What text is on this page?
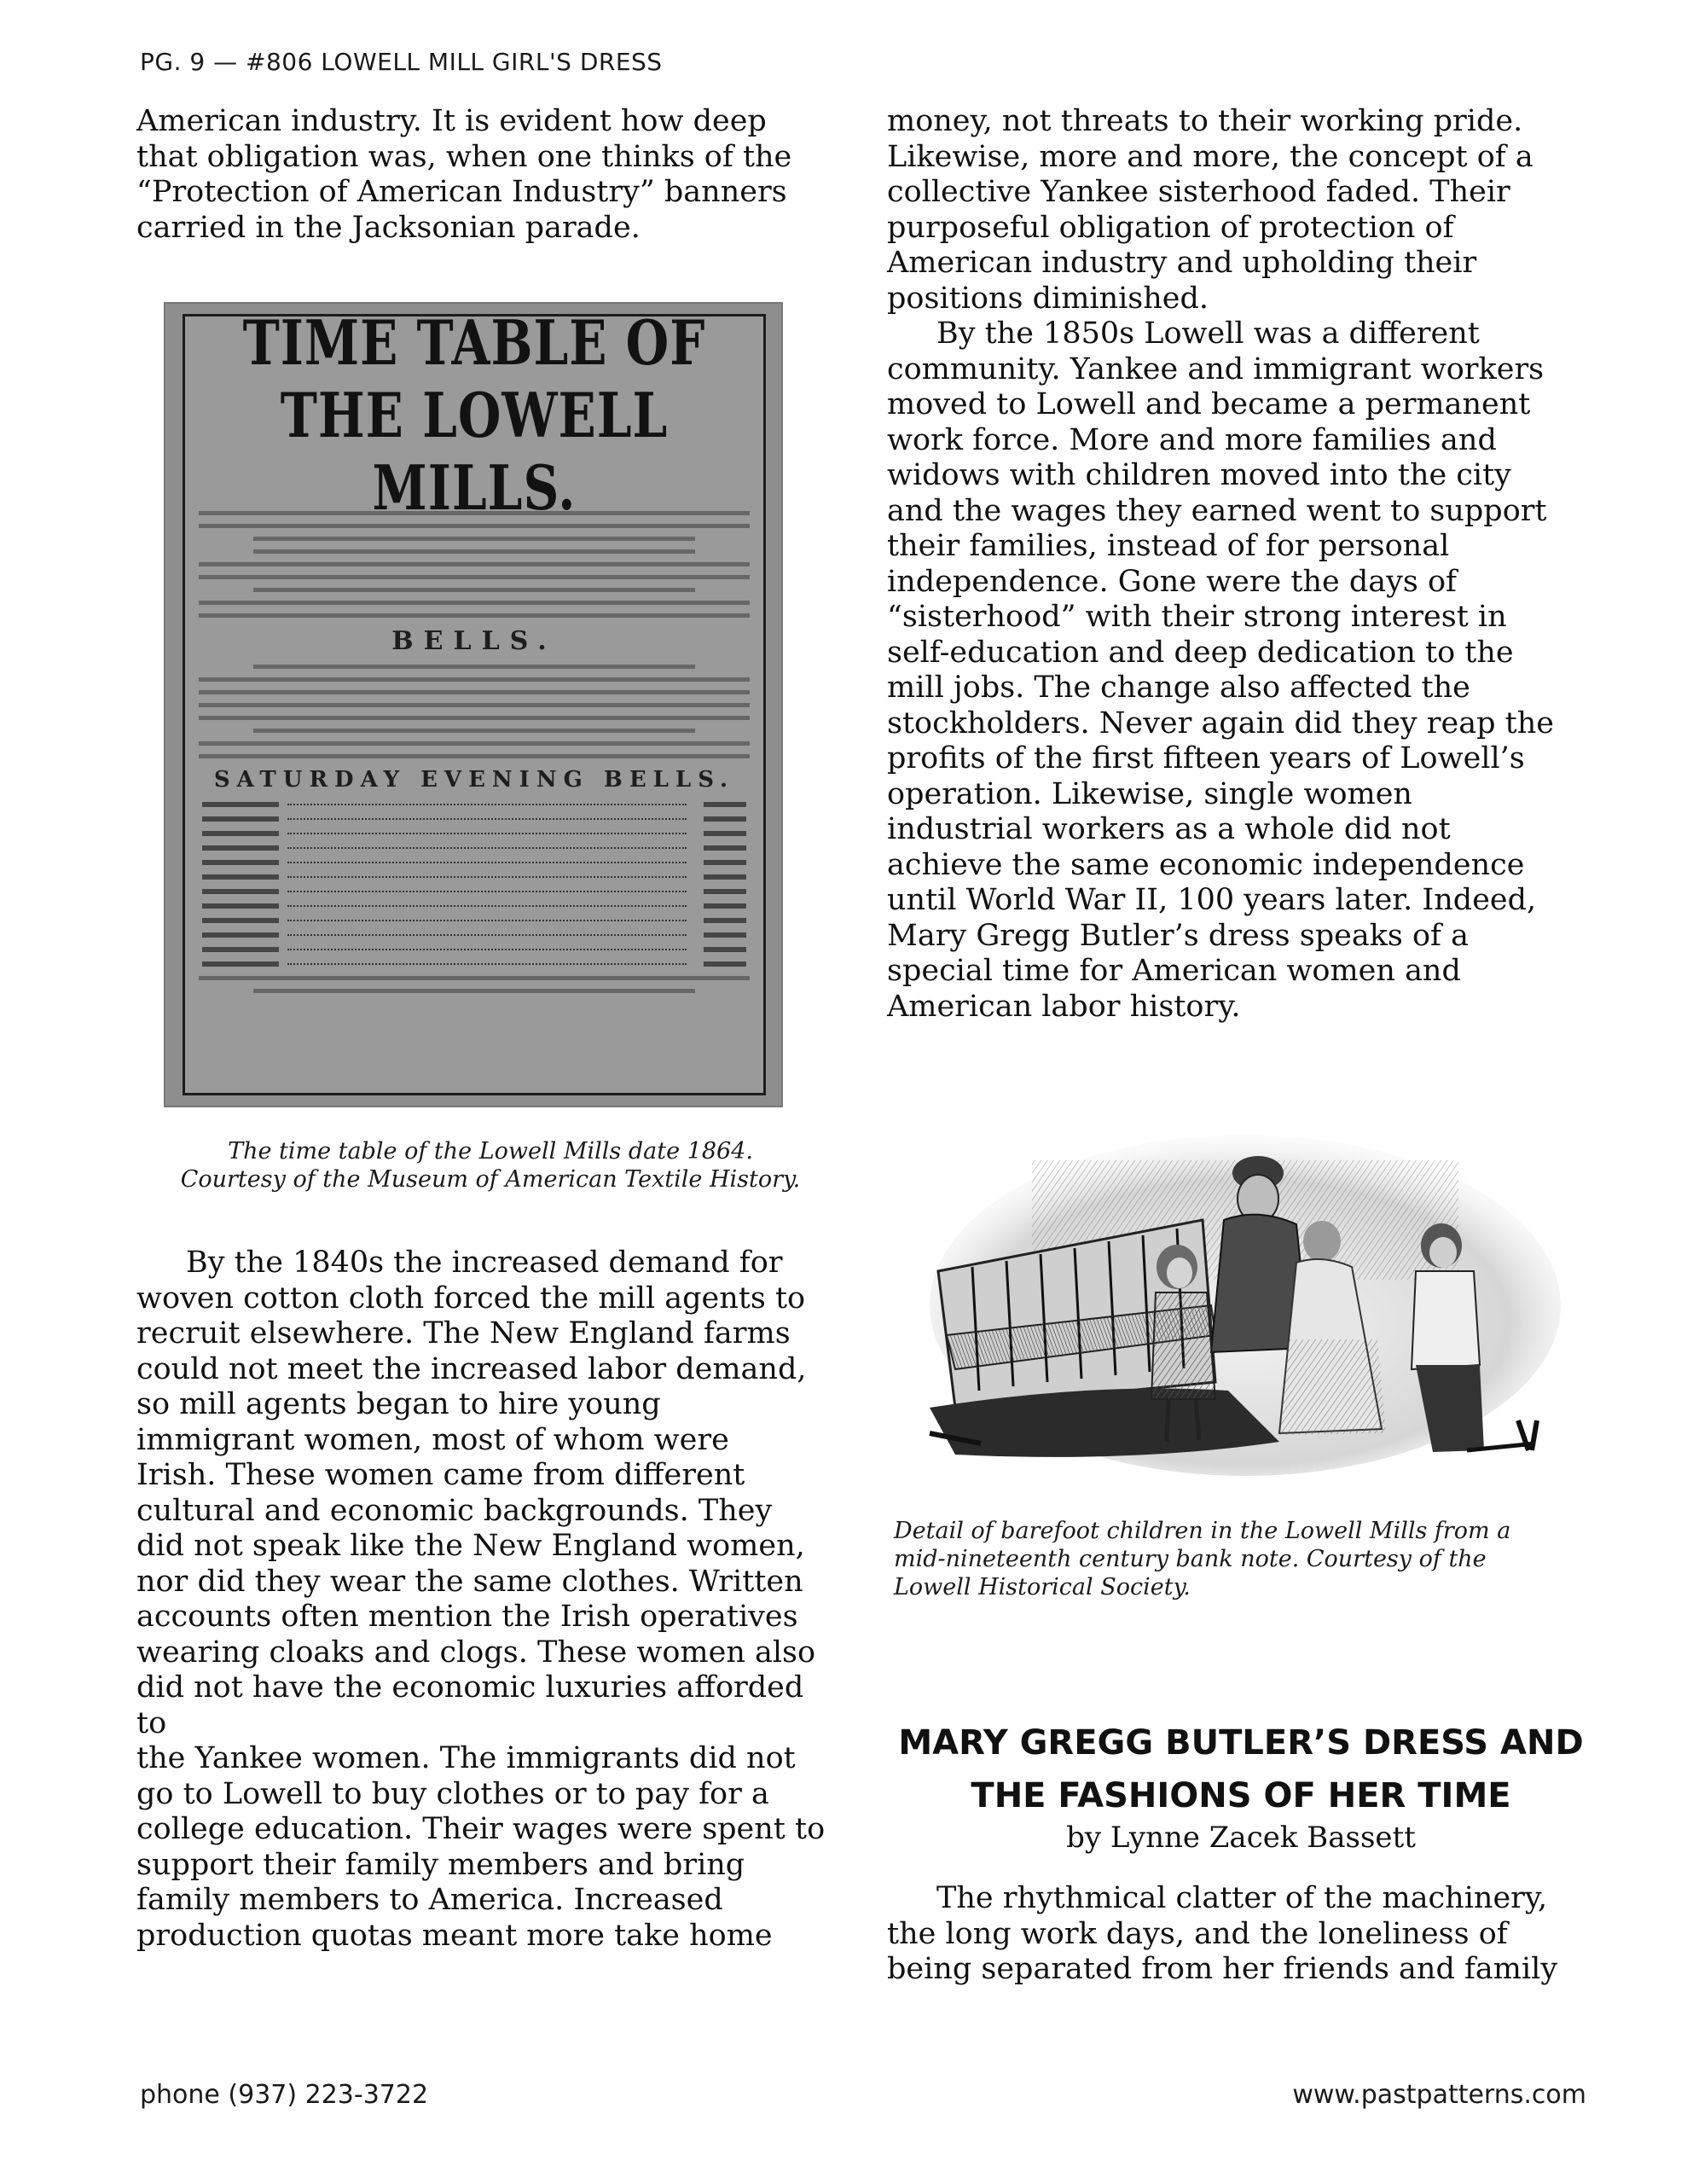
PG. 9 — #806 LOWELL MILL GIRL'S DRESS

American industry. It is evident how deep

that obligation was, when one thinks of the

“Protection of American Industry” banners

carried in the Jacksonian parade.

TIME TABLE OF THE LOWELL MILLS.
BELLS.
SATURDAY EVENING BELLS.
The time table of the Lowell Mills date 1864.
Courtesy of the Museum of American Textile History.

By the 1840s the increased demand for

woven cotton cloth forced the mill agents to

recruit elsewhere. The New England farms

could not meet the increased labor demand,

so mill agents began to hire young

immigrant women, most of whom were

Irish. These women came from different

cultural and economic backgrounds. They

did not speak like the New England women,

nor did they wear the same clothes. Written

accounts often mention the Irish operatives

wearing cloaks and clogs. These women also

did not have the economic luxuries afforded to

the Yankee women. The immigrants did not

go to Lowell to buy clothes or to pay for a

college education. Their wages were spent to

support their family members and bring

family members to America. Increased

production quotas meant more take home

money, not threats to their working pride.

Likewise, more and more, the concept of a

collective Yankee sisterhood faded. Their

purposeful obligation of protection of

American industry and upholding their

positions diminished.

By the 1850s Lowell was a different

community. Yankee and immigrant workers

moved to Lowell and became a permanent

work force. More and more families and

widows with children moved into the city

and the wages they earned went to support

their families, instead of for personal

independence. Gone were the days of

“sisterhood” with their strong interest in

self-education and deep dedication to the

mill jobs. The change also affected the

stockholders. Never again did they reap the

profits of the first fifteen years of Lowell’s

operation. Likewise, single women

industrial workers as a whole did not

achieve the same economic independence

until World War II, 100 years later. Indeed,

Mary Gregg Butler’s dress speaks of a

special time for American women and

American labor history.

Detail of barefoot children in the Lowell Mills from a
mid-nineteenth century bank note. Courtesy of the
Lowell Historical Society.
MARY GREGG BUTLER’S DRESS AND
THE FASHIONS OF HER TIME
by Lynne Zacek Bassett

The rhythmical clatter of the machinery,

the long work days, and the loneliness of

being separated from her friends and family

phone (937) 223-3722	www.pastpatterns.com
